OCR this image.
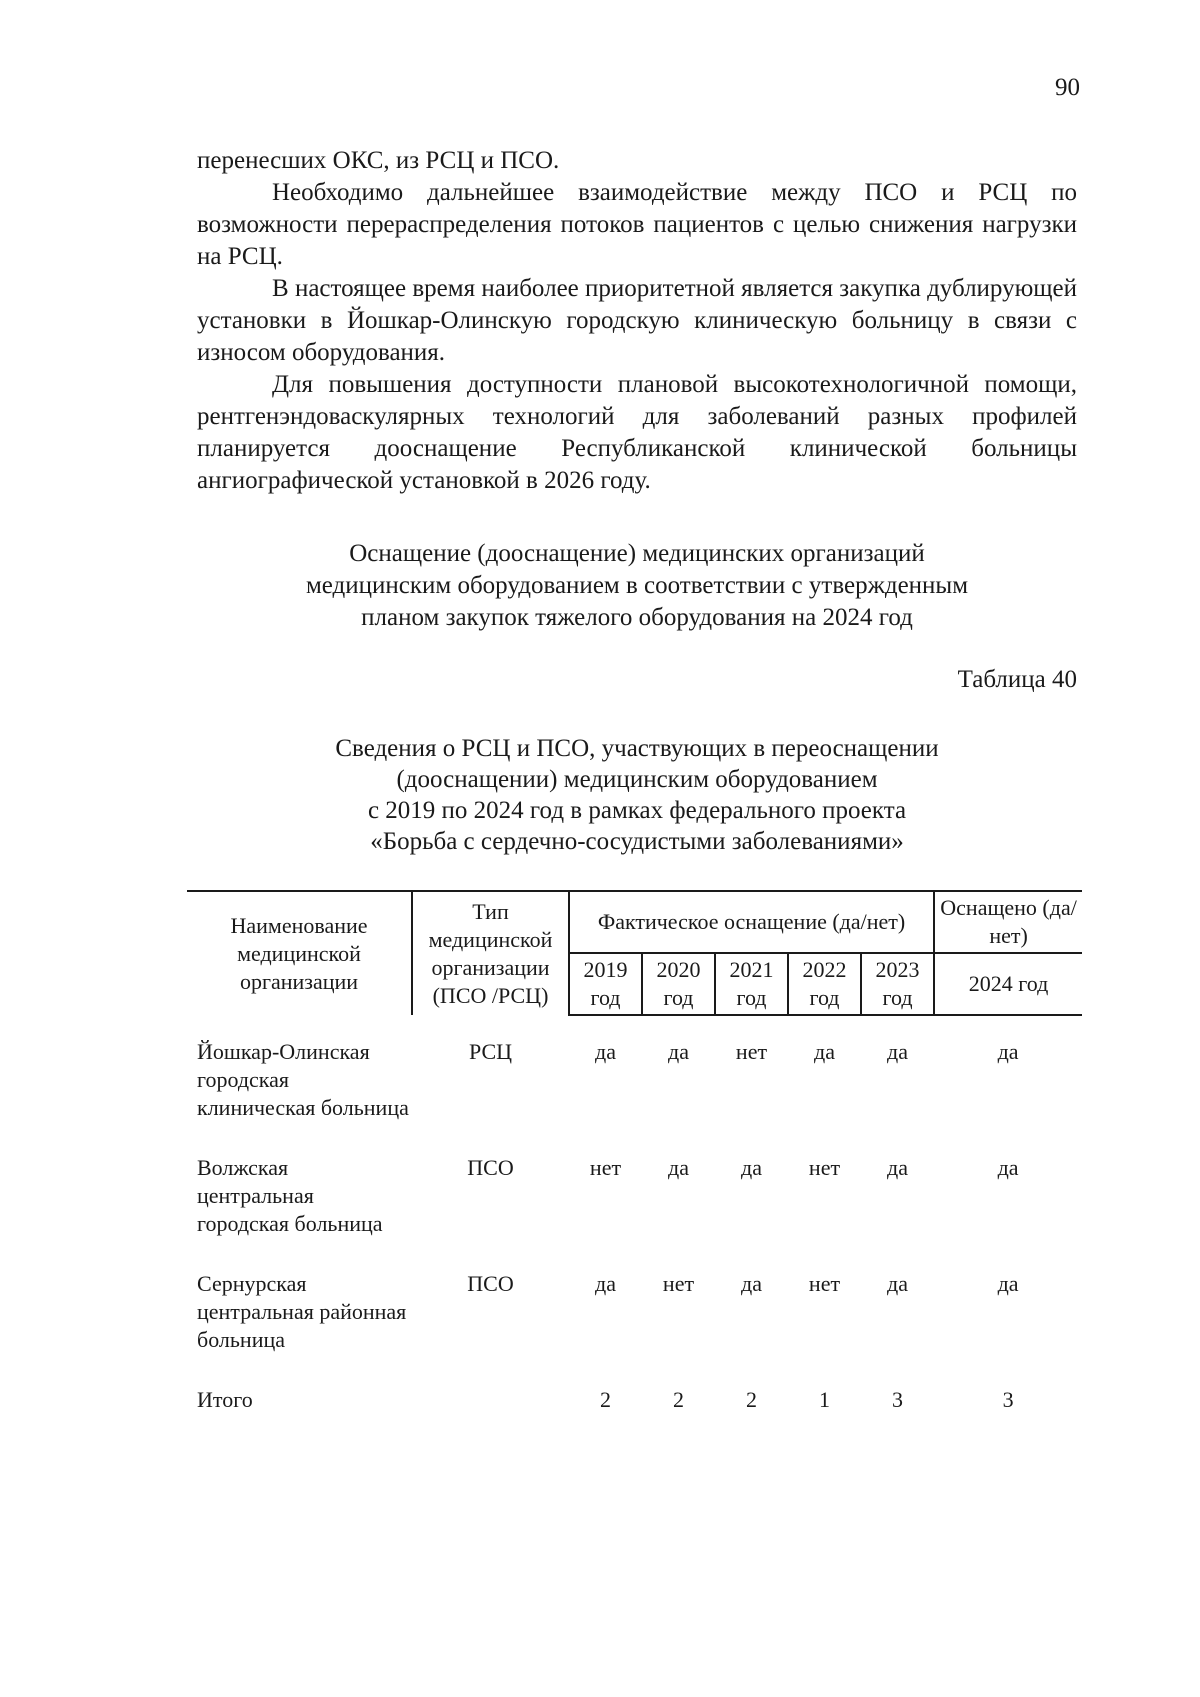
90

перенесших ОКС, из РСЦ и ПСО.

Необходимо дальнейшее взаимодействие между ПСО и РСЦ по возможности перераспределения потоков пациентов с целью снижения нагрузки на РСЦ.

В настоящее время наиболее приоритетной является закупка дублирующей установки в Йошкар-Олинскую городскую клиническую больницу в связи с износом оборудования.

Для повышения доступности плановой высокотехнологичной помощи, рентгенэндоваскулярных технологий для заболеваний разных профилей планируется дооснащение Республиканской клинической больницы ангиографической установкой в 2026 году.

Оснащение (дооснащение) медицинских организаций
медицинским оборудованием в соответствии с утвержденным
планом закупок тяжелого оборудования на 2024 год
Таблица 40
Сведения о РСЦ и ПСО, участвующих в переоснащении
(дооснащении) медицинским оборудованием
с 2019 по 2024 год в рамках федерального проекта
«Борьба с сердечно-сосудистыми заболеваниями»
Наименование медицинской организации	Тип медицинской организации (ПСО /РСЦ)	Фактическое оснащение (да/нет)					Оснащено (да/нет)
		2019 год	2020 год	2021 год	2022 год	2023 год	2024 год

Йошкар-Олинская городская клиническая больница	РСЦ	да	да	нет	да	да	да
Волжская центральная городская больница	ПСО	нет	да	да	нет	да	да
Сернурская центральная районная больница	ПСО	да	нет	да	нет	да	да
Итого		2	2	2	1	3	3
